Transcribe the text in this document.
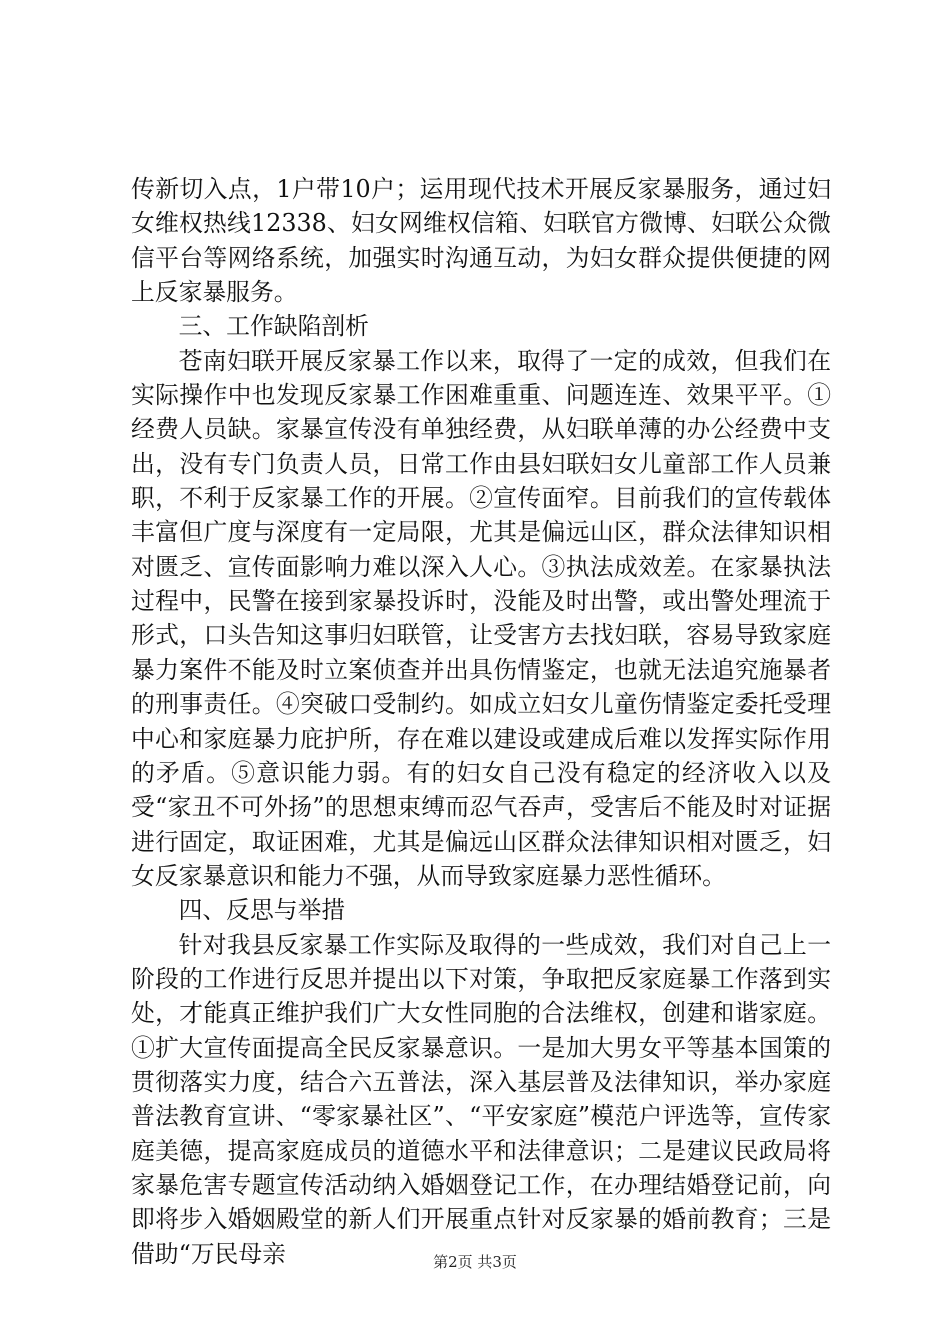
传新切入点，1户带10户；运用现代技术开展反家暴服务，通过妇女维权热线12338、妇女网维权信箱、妇联官方微博、妇联公众微信平台等网络系统，加强实时沟通互动，为妇女群众提供便捷的网上反家暴服务。

三、工作缺陷剖析

苍南妇联开展反家暴工作以来，取得了一定的成效，但我们在实际操作中也发现反家暴工作困难重重、问题连连、效果平平。①经费人员缺。家暴宣传没有单独经费，从妇联单薄的办公经费中支出，没有专门负责人员，日常工作由县妇联妇女儿童部工作人员兼职，不利于反家暴工作的开展。②宣传面窄。目前我们的宣传载体丰富但广度与深度有一定局限，尤其是偏远山区，群众法律知识相对匮乏、宣传面影响力难以深入人心。③执法成效差。在家暴执法过程中，民警在接到家暴投诉时，没能及时出警，或出警处理流于形式，口头告知这事归妇联管，让受害方去找妇联，容易导致家庭暴力案件不能及时立案侦查并出具伤情鉴定，也就无法追究施暴者的刑事责任。④突破口受制约。如成立妇女儿童伤情鉴定委托受理中心和家庭暴力庇护所，存在难以建设或建成后难以发挥实际作用的矛盾。⑤意识能力弱。有的妇女自己没有稳定的经济收入以及受“家丑不可外扬”的思想束缚而忍气吞声，受害后不能及时对证据进行固定，取证困难，尤其是偏远山区群众法律知识相对匮乏，妇女反家暴意识和能力不强，从而导致家庭暴力恶性循环。

四、反思与举措

针对我县反家暴工作实际及取得的一些成效，我们对自己上一阶段的工作进行反思并提出以下对策，争取把反家庭暴工作落到实处，才能真正维护我们广大女性同胞的合法维权，创建和谐家庭。①扩大宣传面提高全民反家暴意识。一是加大男女平等基本国策的贯彻落实力度，结合六五普法，深入基层普及法律知识，举办家庭普法教育宣讲、“零家暴社区”、“平安家庭”模范户评选等，宣传家庭美德，提高家庭成员的道德水平和法律意识；二是建议民政局将家暴危害专题宣传活动纳入婚姻登记工作，在办理结婚登记前，向即将步入婚姻殿堂的新人们开展重点针对反家暴的婚前教育；三是借助“万民母亲	第2页 共3页
